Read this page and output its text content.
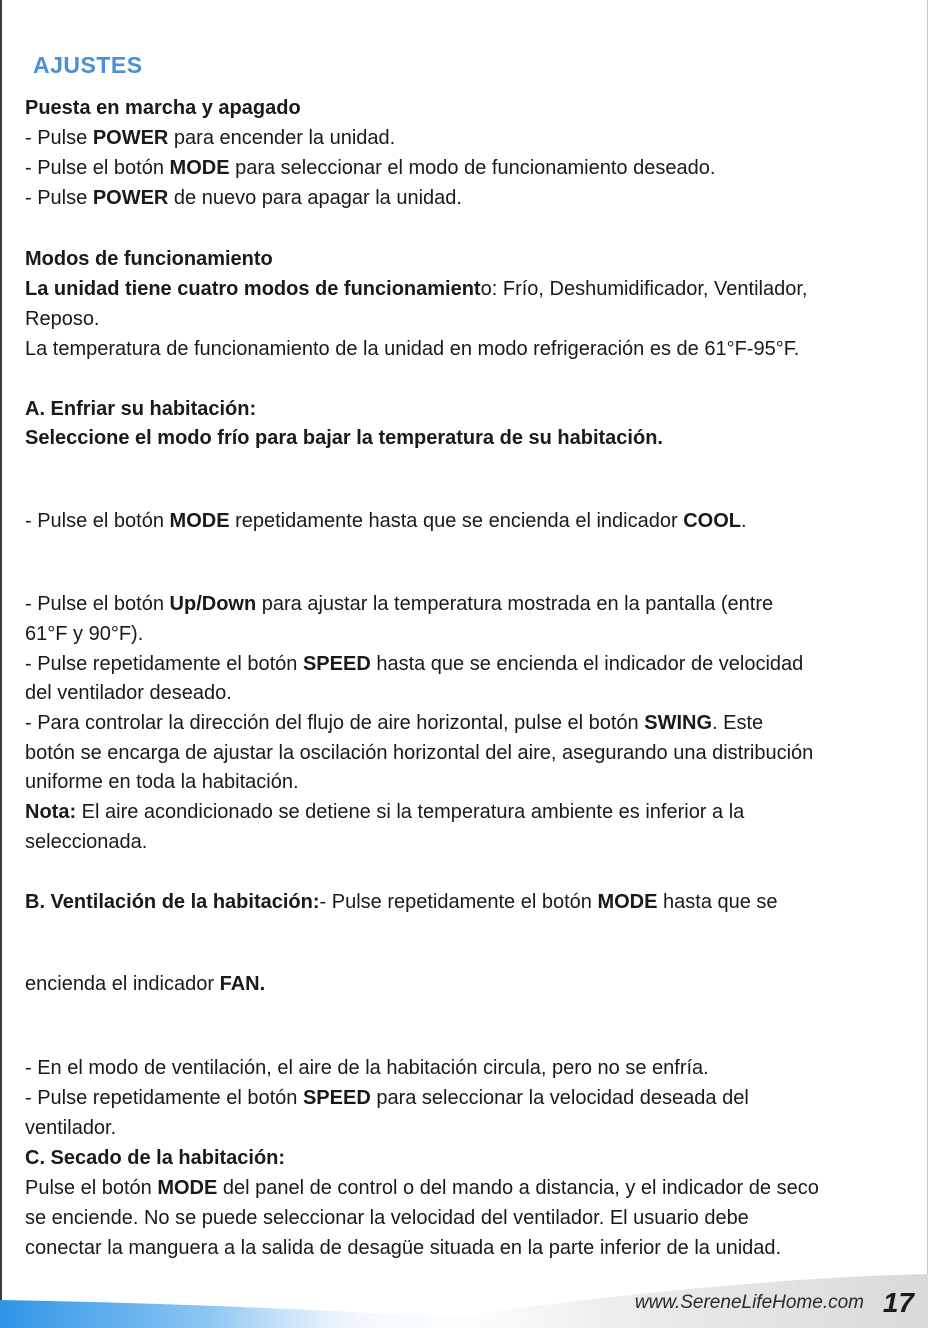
AJUSTES
Puesta en marcha y apagado
- Pulse POWER para encender la unidad.
- Pulse el botón MODE para seleccionar el modo de funcionamiento deseado.
- Pulse POWER de nuevo para apagar la unidad.
Modos de funcionamiento
La unidad tiene cuatro modos de funcionamiento: Frío, Deshumidificador, Ventilador,
Reposo.
La temperatura de funcionamiento de la unidad en modo refrigeración es de 61°F-95°F.
A. Enfriar su habitación:
Seleccione el modo frío para bajar la temperatura de su habitación.
- Pulse el botón MODE repetidamente hasta que se encienda el indicador COOL.
- Pulse el botón Up/Down para ajustar la temperatura mostrada en la pantalla (entre
61°F y 90°F).
- Pulse repetidamente el botón SPEED hasta que se encienda el indicador de velocidad
del ventilador deseado.
- Para controlar la dirección del flujo de aire horizontal, pulse el botón SWING. Este
botón se encarga de ajustar la oscilación horizontal del aire, asegurando una distribución
uniforme en toda la habitación.
Nota: El aire acondicionado se detiene si la temperatura ambiente es inferior a la
seleccionada.
B. Ventilación de la habitación:- Pulse repetidamente el botón MODE hasta que se
encienda el indicador FAN.
- En el modo de ventilación, el aire de la habitación circula, pero no se enfría.
- Pulse repetidamente el botón SPEED para seleccionar la velocidad deseada del
ventilador.
C. Secado de la habitación:
Pulse el botón MODE del panel de control o del mando a distancia, y el indicador de seco
se enciende. No se puede seleccionar la velocidad del ventilador. El usuario debe
conectar la manguera a la salida de desagüe situada en la parte inferior de la unidad.
www.SereneLifeHome.com 17
